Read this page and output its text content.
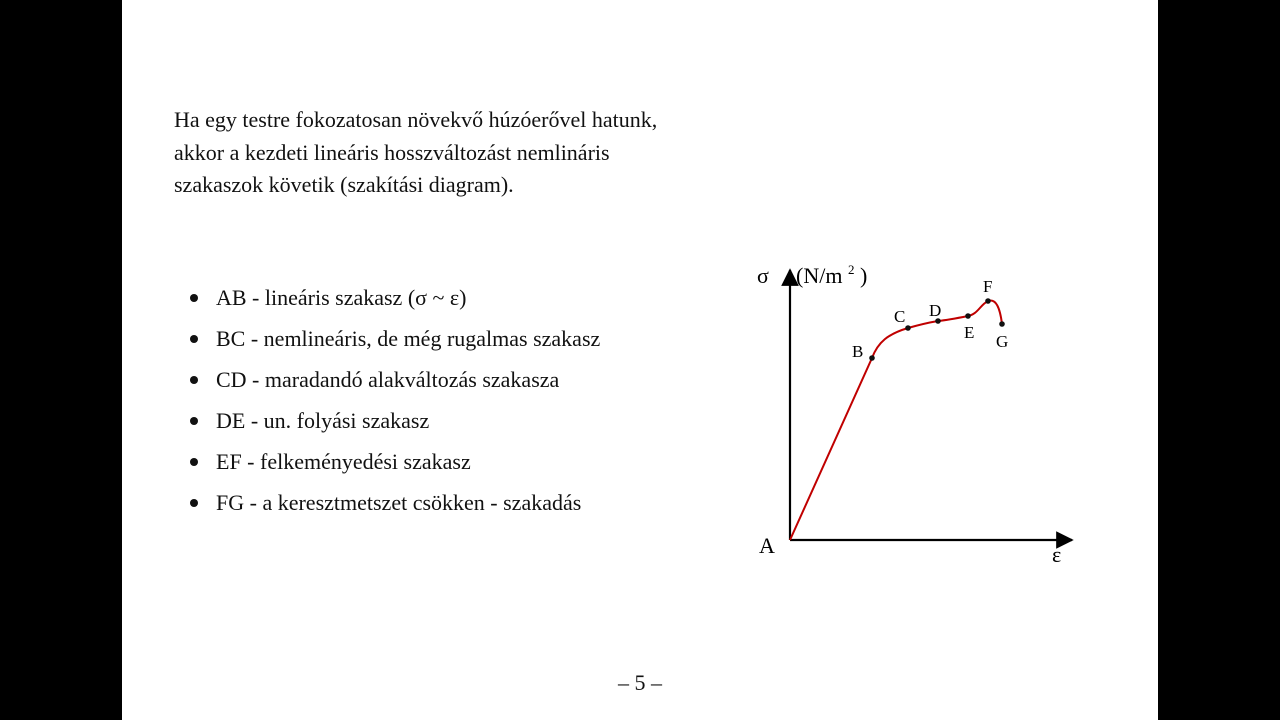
Ha egy testre fokozatosan növekvő húzóerővel hatunk,
akkor a kezdeti lineáris hosszváltozást nemlináris
szakaszok követik (szakítási diagram).

AB - lineáris szakasz (σ ~ ε)
BC - nemlineáris, de még rugalmas szakasz
CD - maradandó alakváltozás szakasza
DE - un. folyási szakasz
EF - felkeményedési szakasz
FG - a keresztmetszet csökken - szakadás
A
B
C D
E
F
G
σ (N/m $^2$ )
ε
– 5 –
